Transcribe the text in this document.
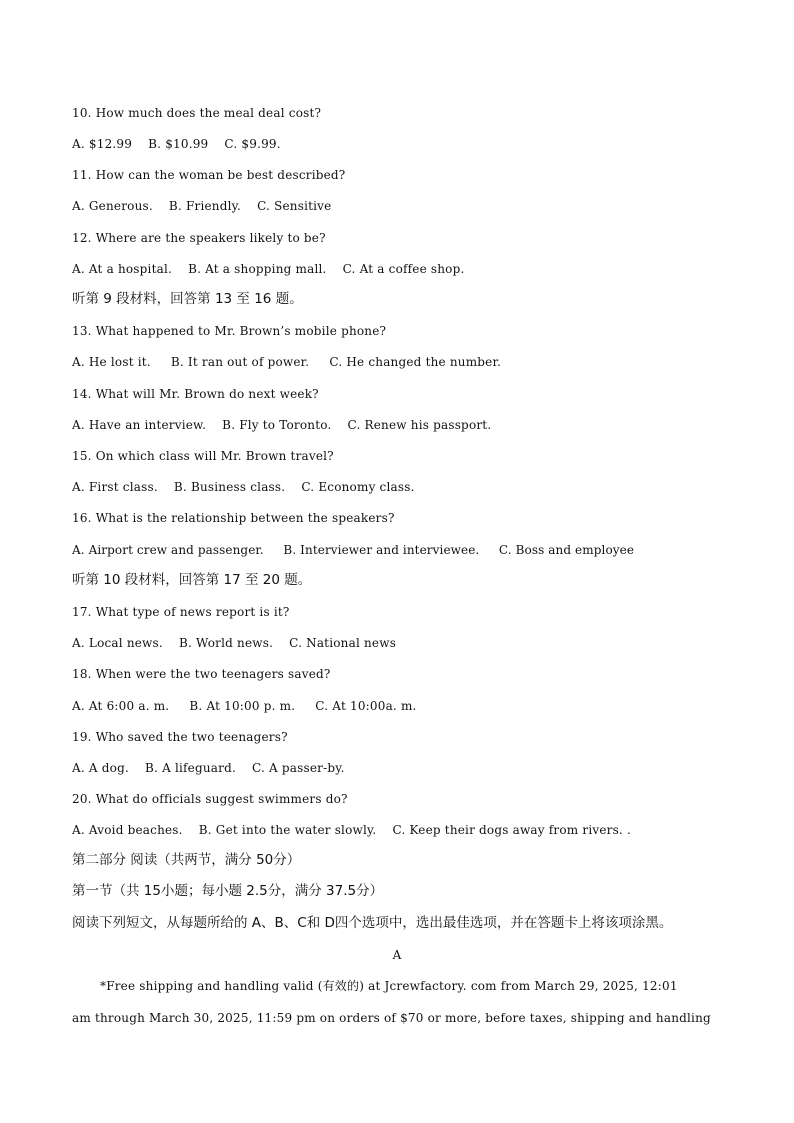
10. How much does the meal deal cost?
A. $12.99    B. $10.99    C. $9.99.
11. How can the woman be best described?
A. Generous.    B. Friendly.    C. Sensitive
12. Where are the speakers likely to be?
A. At a hospital.    B. At a shopping mall.    C. At a coffee shop.
听第 9 段材料，回答第 13 至 16 题。
13. What happened to Mr. Brown’s mobile phone?
A. He lost it.     B. It ran out of power.     C. He changed the number.
14. What will Mr. Brown do next week?
A. Have an interview.    B. Fly to Toronto.    C. Renew his passport.
15. On which class will Mr. Brown travel?
A. First class.    B. Business class.    C. Economy class.
16. What is the relationship between the speakers?
A. Airport crew and passenger.     B. Interviewer and interviewee.     C. Boss and employee
听第 10 段材料，回答第 17 至 20 题。
17. What type of news report is it?
A. Local news.    B. World news.    C. National news
18. When were the two teenagers saved?
A. At 6:00 a. m.     B. At 10:00 p. m.     C. At 10:00a. m.
19. Who saved the two teenagers?
A. A dog.    B. A lifeguard.    C. A passer-by.
20. What do officials suggest swimmers do?
A. Avoid beaches.    B. Get into the water slowly.    C. Keep their dogs away from rivers. .
第二部分 阅读（共两节，满分 50分）
第一节（共 15小题；每小题 2.5分，满分 37.5分）
阅读下列短文，从每题所给的 A、B、C和 D四个选项中，选出最佳选项，并在答题卡上将该项涂黑。
A
*Free shipping and handling valid (有效的) at Jcrewfactory. com from March 29, 2025, 12:01
am through March 30, 2025, 11:59 pm on orders of $70 or more, before taxes, shipping and handling
